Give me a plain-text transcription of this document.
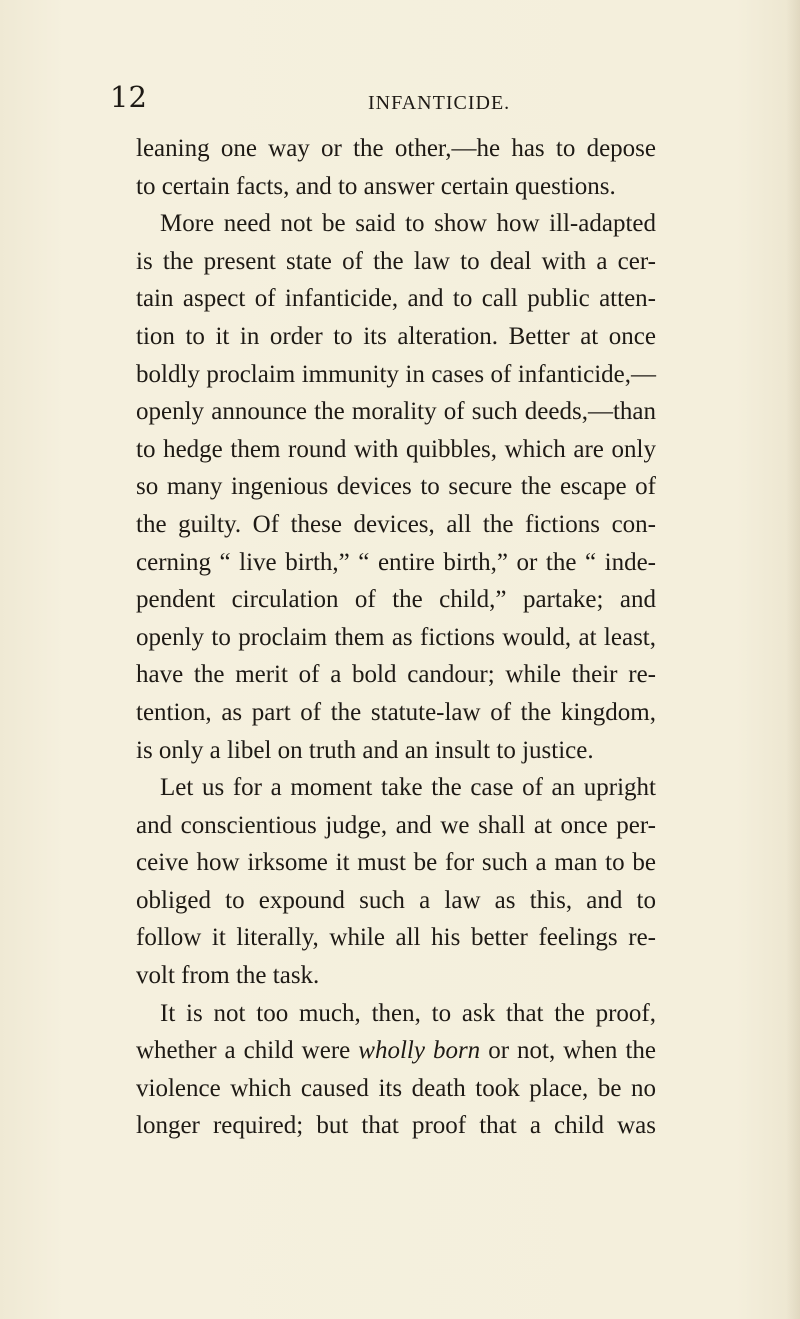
12	INFANTICIDE.
leaning one way or the other,—he has to depose
to certain facts, and to answer certain questions.
More need not be said to show how ill-adapted
is the present state of the law to deal with a cer-
tain aspect of infanticide, and to call public atten-
tion to it in order to its alteration. Better at once
boldly proclaim immunity in cases of infanticide,—
openly announce the morality of such deeds,—than
to hedge them round with quibbles, which are only
so many ingenious devices to secure the escape of
the guilty. Of these devices, all the fictions con-
cerning “ live birth,” “ entire birth,” or the “ inde-
pendent circulation of the child,” partake; and
openly to proclaim them as fictions would, at least,
have the merit of a bold candour; while their re-
tention, as part of the statute-law of the kingdom,
is only a libel on truth and an insult to justice.
Let us for a moment take the case of an upright
and conscientious judge, and we shall at once per-
ceive how irksome it must be for such a man to be
obliged to expound such a law as this, and to
follow it literally, while all his better feelings re-
volt from the task.
It is not too much, then, to ask that the proof,
whether a child were wholly born or not, when the
violence which caused its death took place, be no
longer required; but that proof that a child was
